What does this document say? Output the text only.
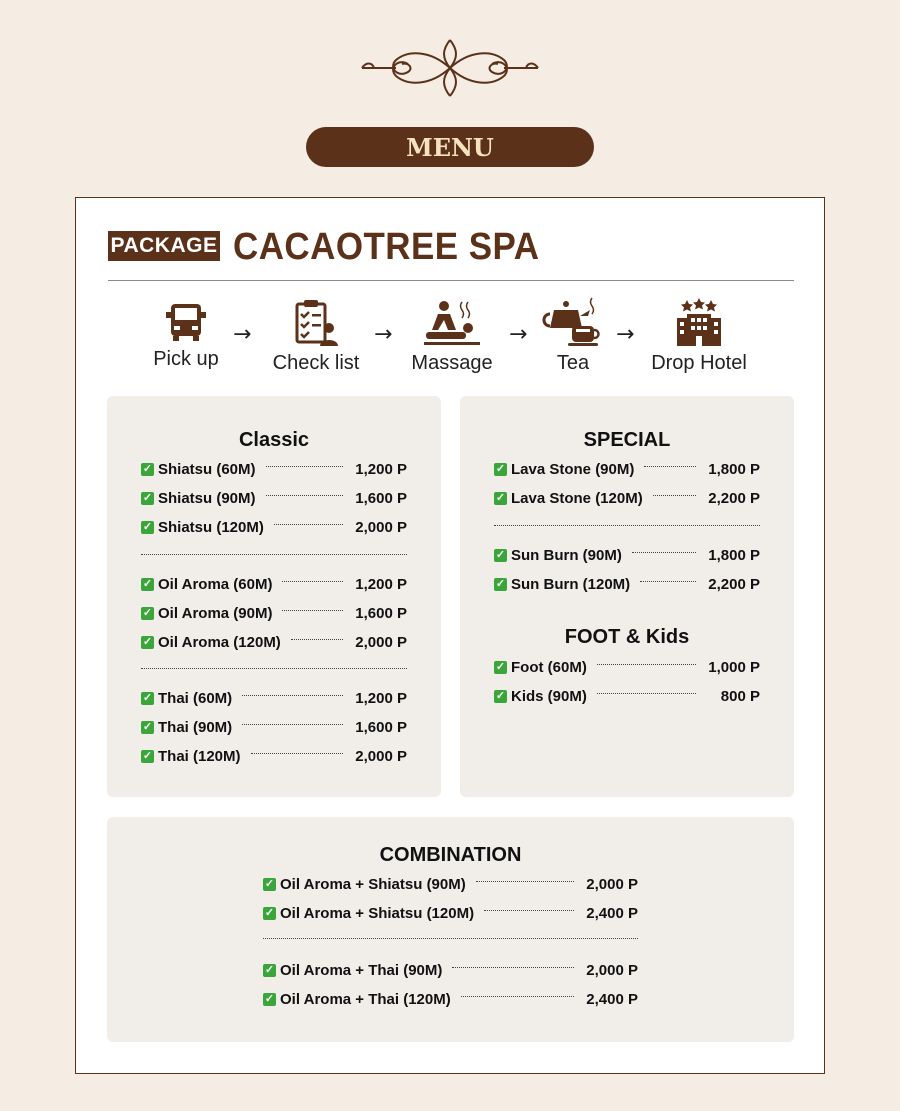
MENU
PACKAGE CACAOTREE SPA
Pick up
→
Check list
→
Massage
→
Tea
→
Drop Hotel
Classic
✓ Shiatsu (60M)	1,200 P
✓ Shiatsu (90M)	1,600 P
✓ Shiatsu (120M)	2,000 P
✓ Oil Aroma (60M)	1,200 P
✓ Oil Aroma (90M)	1,600 P
✓ Oil Aroma (120M)	2,000 P
✓ Thai (60M)	1,200 P
✓ Thai (90M)	1,600 P
✓ Thai (120M)	2,000 P
SPECIAL
✓ Lava Stone (90M)	1,800 P
✓ Lava Stone (120M)	2,200 P
✓ Sun Burn (90M)	1,800 P
✓ Sun Burn (120M)	2,200 P
FOOT & Kids
✓ Foot (60M)	1,000 P
✓ Kids (90M)	800 P
COMBINATION
✓ Oil Aroma + Shiatsu (90M)	2,000 P
✓ Oil Aroma + Shiatsu (120M)	2,400 P
✓ Oil Aroma + Thai (90M)	2,000 P
✓ Oil Aroma + Thai (120M)	2,400 P
